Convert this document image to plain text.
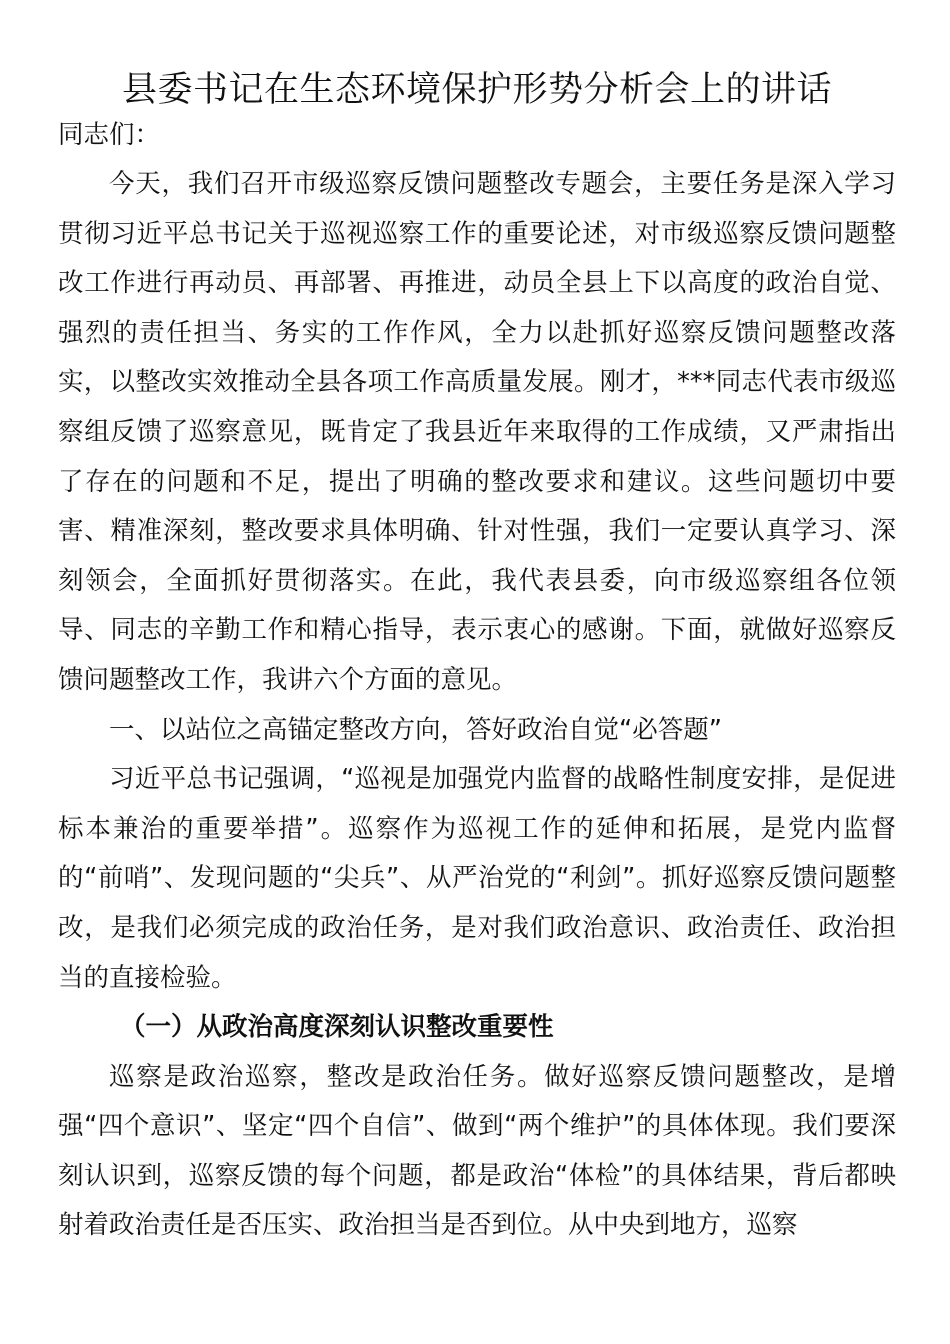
县委书记在生态环境保护形势分析会上的讲话

同志们：

今天，我们召开市级巡察反馈问题整改专题会，主要任务是深入学习贯彻习近平总书记关于巡视巡察工作的重要论述，对市级巡察反馈问题整改工作进行再动员、再部署、再推进，动员全县上下以高度的政治自觉、强烈的责任担当、务实的工作作风，全力以赴抓好巡察反馈问题整改落实，以整改实效推动全县各项工作高质量发展。刚才，***同志代表市级巡察组反馈了巡察意见，既肯定了我县近年来取得的工作成绩，又严肃指出了存在的问题和不足，提出了明确的整改要求和建议。这些问题切中要害、精准深刻，整改要求具体明确、针对性强，我们一定要认真学习、深刻领会，全面抓好贯彻落实。在此，我代表县委，向市级巡察组各位领导、同志的辛勤工作和精心指导，表示衷心的感谢。下面，就做好巡察反馈问题整改工作，我讲六个方面的意见。

一、以站位之高锚定整改方向，答好政治自觉“必答题”

习近平总书记强调，“巡视是加强党内监督的战略性制度安排，是促进标本兼治的重要举措”。巡察作为巡视工作的延伸和拓展，是党内监督的“前哨”、发现问题的“尖兵”、从严治党的“利剑”。抓好巡察反馈问题整改，是我们必须完成的政治任务，是对我们政治意识、政治责任、政治担当的直接检验。

（一）从政治高度深刻认识整改重要性

巡察是政治巡察，整改是政治任务。做好巡察反馈问题整改，是增强“四个意识”、坚定“四个自信”、做到“两个维护”的具体体现。我们要深刻认识到，巡察反馈的每个问题，都是政治“体检”的具体结果，背后都映射着政治责任是否压实、政治担当是否到位。从中央到地方，巡察
